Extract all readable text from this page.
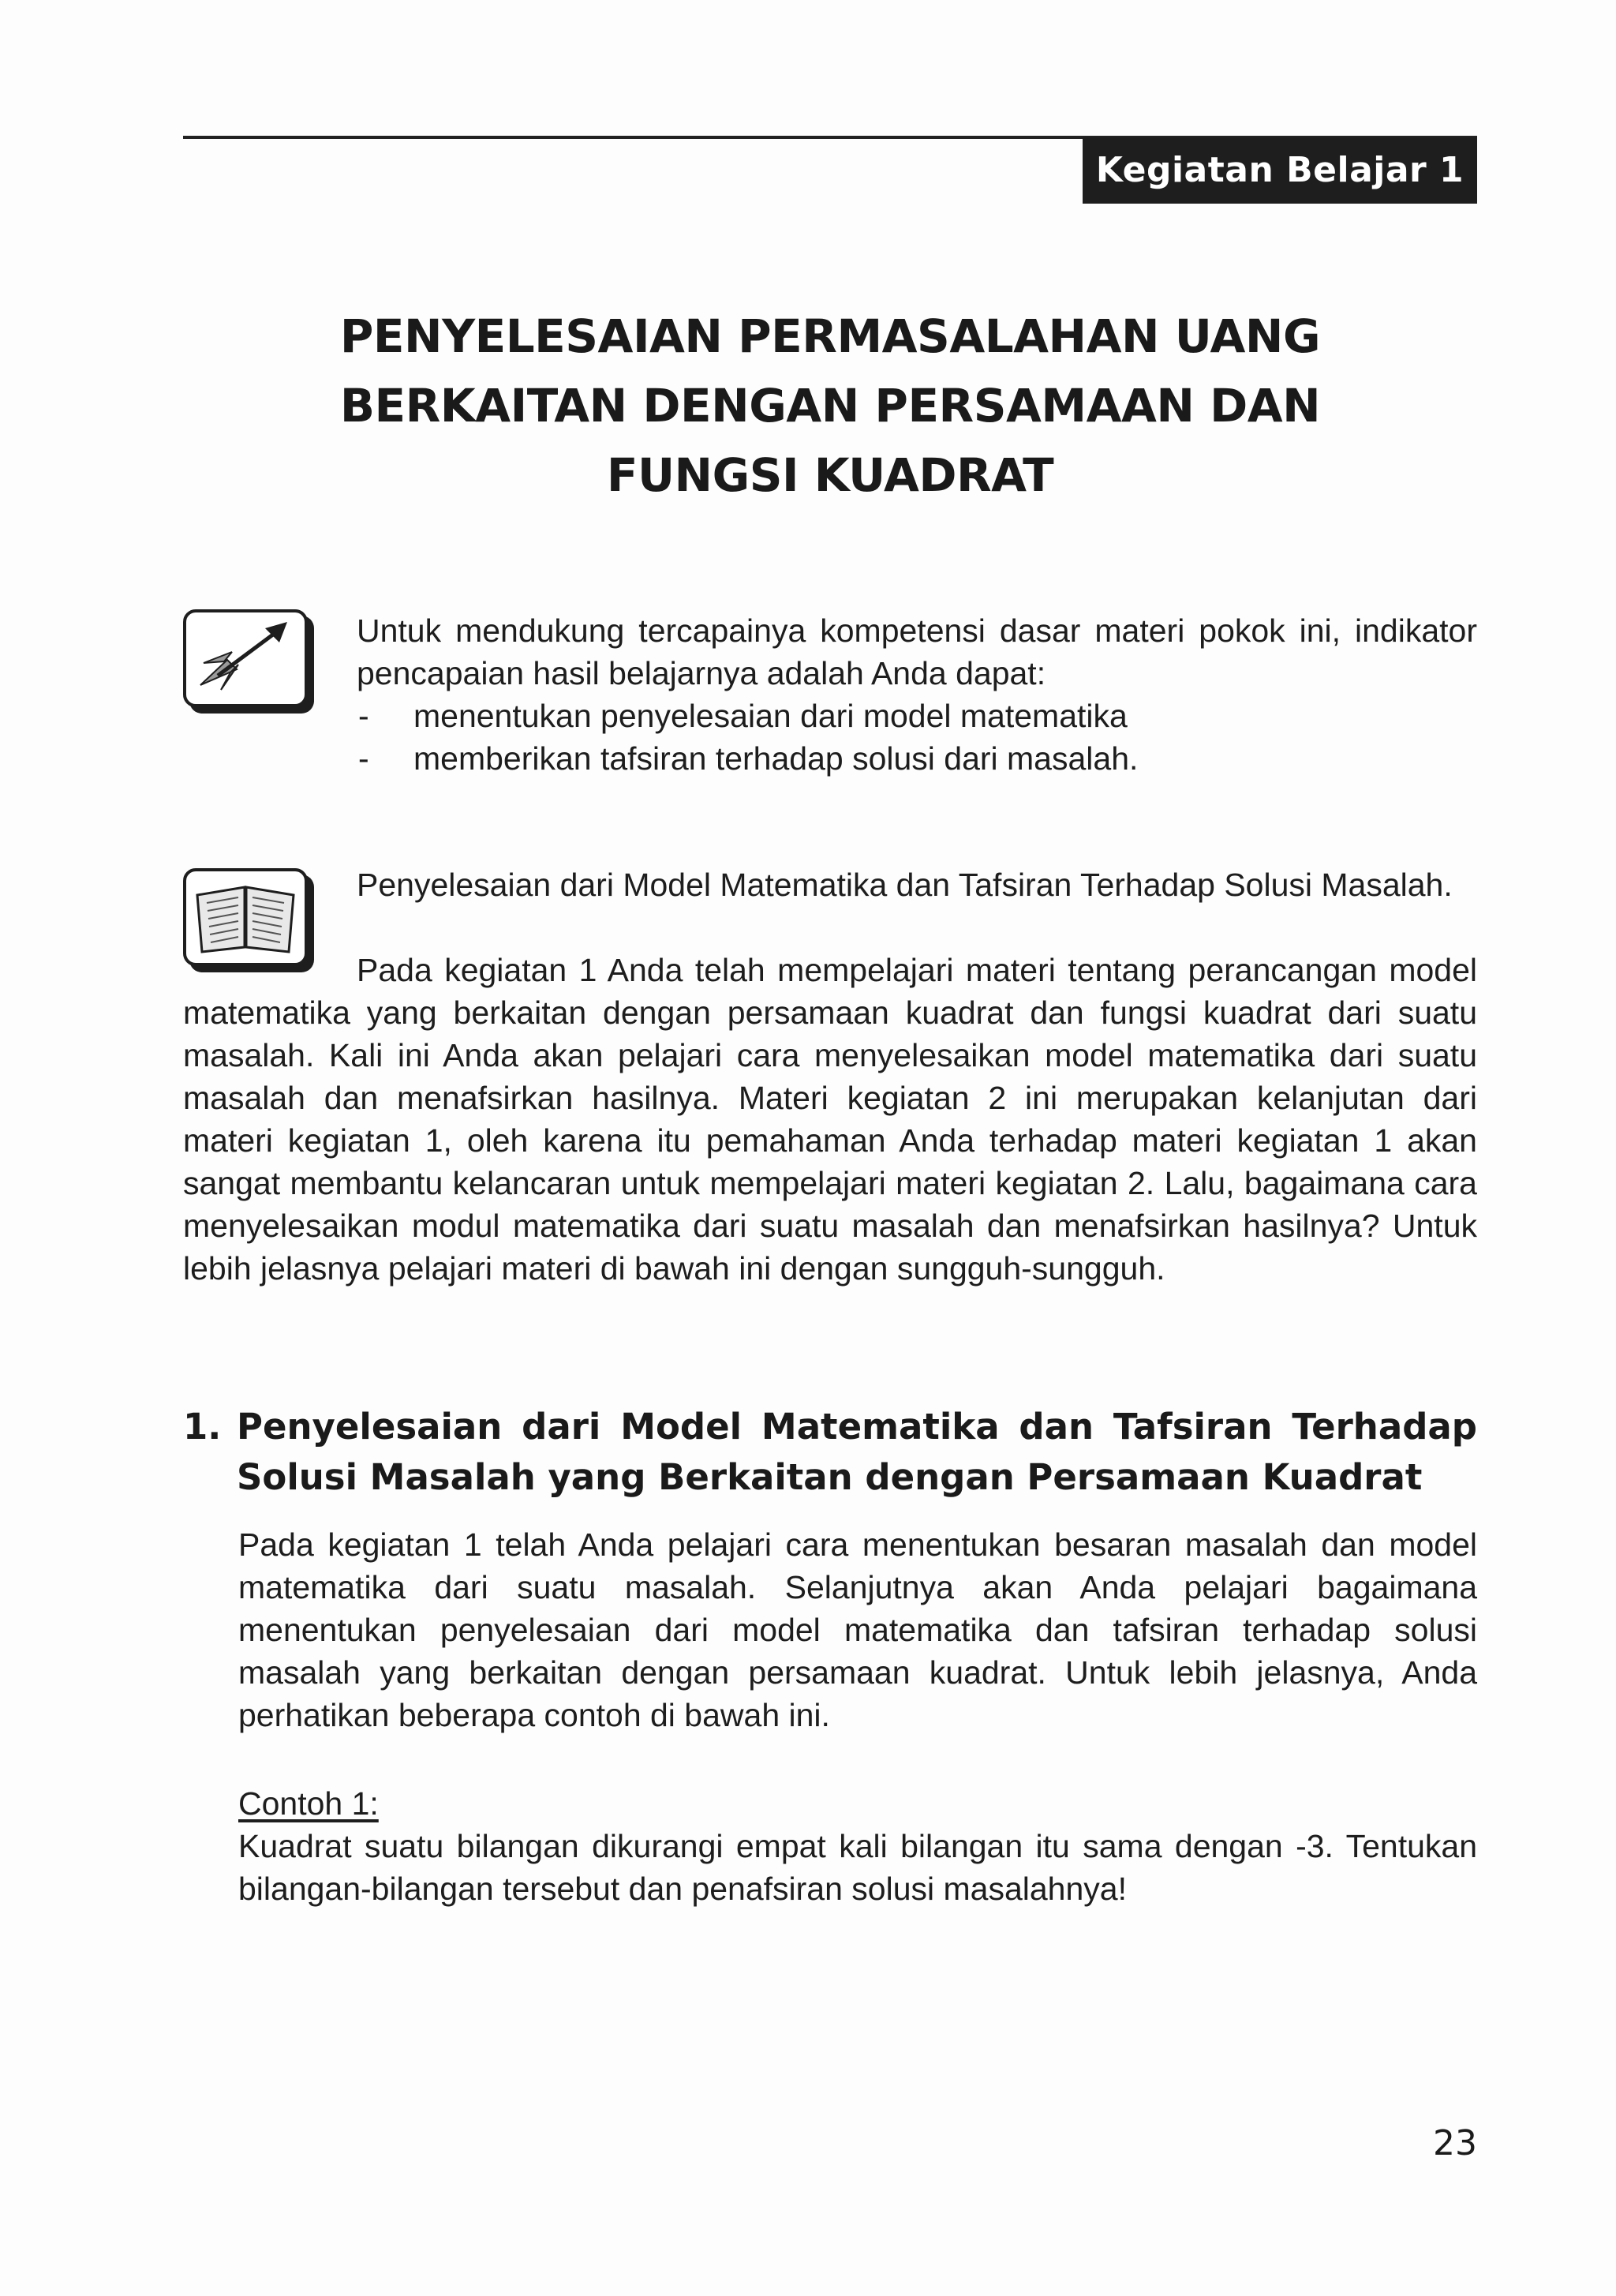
Kegiatan Belajar 1
PENYELESAIAN PERMASALAHAN UANG
BERKAITAN DENGAN PERSAMAAN DAN
FUNGSI KUADRAT

Untuk mendukung tercapainya kompetensi dasar materi pokok ini, indikator pencapaian hasil belajarnya adalah Anda dapat:

- menentukan penyelesaian dari model matematika
- memberikan tafsiran terhadap solusi dari masalah.

Penyelesaian dari Model Matematika dan Tafsiran Terhadap Solusi Masalah.

Pada kegiatan 1 Anda telah mempelajari materi tentang perancangan model matematika yang berkaitan dengan persamaan kuadrat dan fungsi kuadrat dari suatu masalah. Kali ini Anda akan pelajari cara menyelesaikan model matematika dari suatu masalah dan menafsirkan hasilnya. Materi kegiatan 2 ini merupakan kelanjutan dari materi kegiatan 1, oleh karena itu pemahaman Anda terhadap materi kegiatan 1 akan sangat membantu kelancaran untuk mempelajari materi kegiatan 2. Lalu, bagaimana cara menyelesaikan modul matematika dari suatu masalah dan menafsirkan hasilnya? Untuk lebih jelasnya pelajari materi di bawah ini dengan sungguh-sungguh.

1. Penyelesaian dari Model Matematika dan Tafsiran Terhadap Solusi Masalah yang Berkaitan dengan Persamaan Kuadrat

Pada kegiatan 1 telah Anda pelajari cara menentukan besaran masalah dan model matematika dari suatu masalah. Selanjutnya akan Anda pelajari bagaimana menentukan penyelesaian dari model matematika dan tafsiran terhadap solusi masalah yang berkaitan dengan persamaan kuadrat. Untuk lebih jelasnya, Anda perhatikan beberapa contoh di bawah ini.

Contoh 1:

Kuadrat suatu bilangan dikurangi empat kali bilangan itu sama dengan -3. Tentukan bilangan-bilangan tersebut dan penafsiran solusi masalahnya!

23
